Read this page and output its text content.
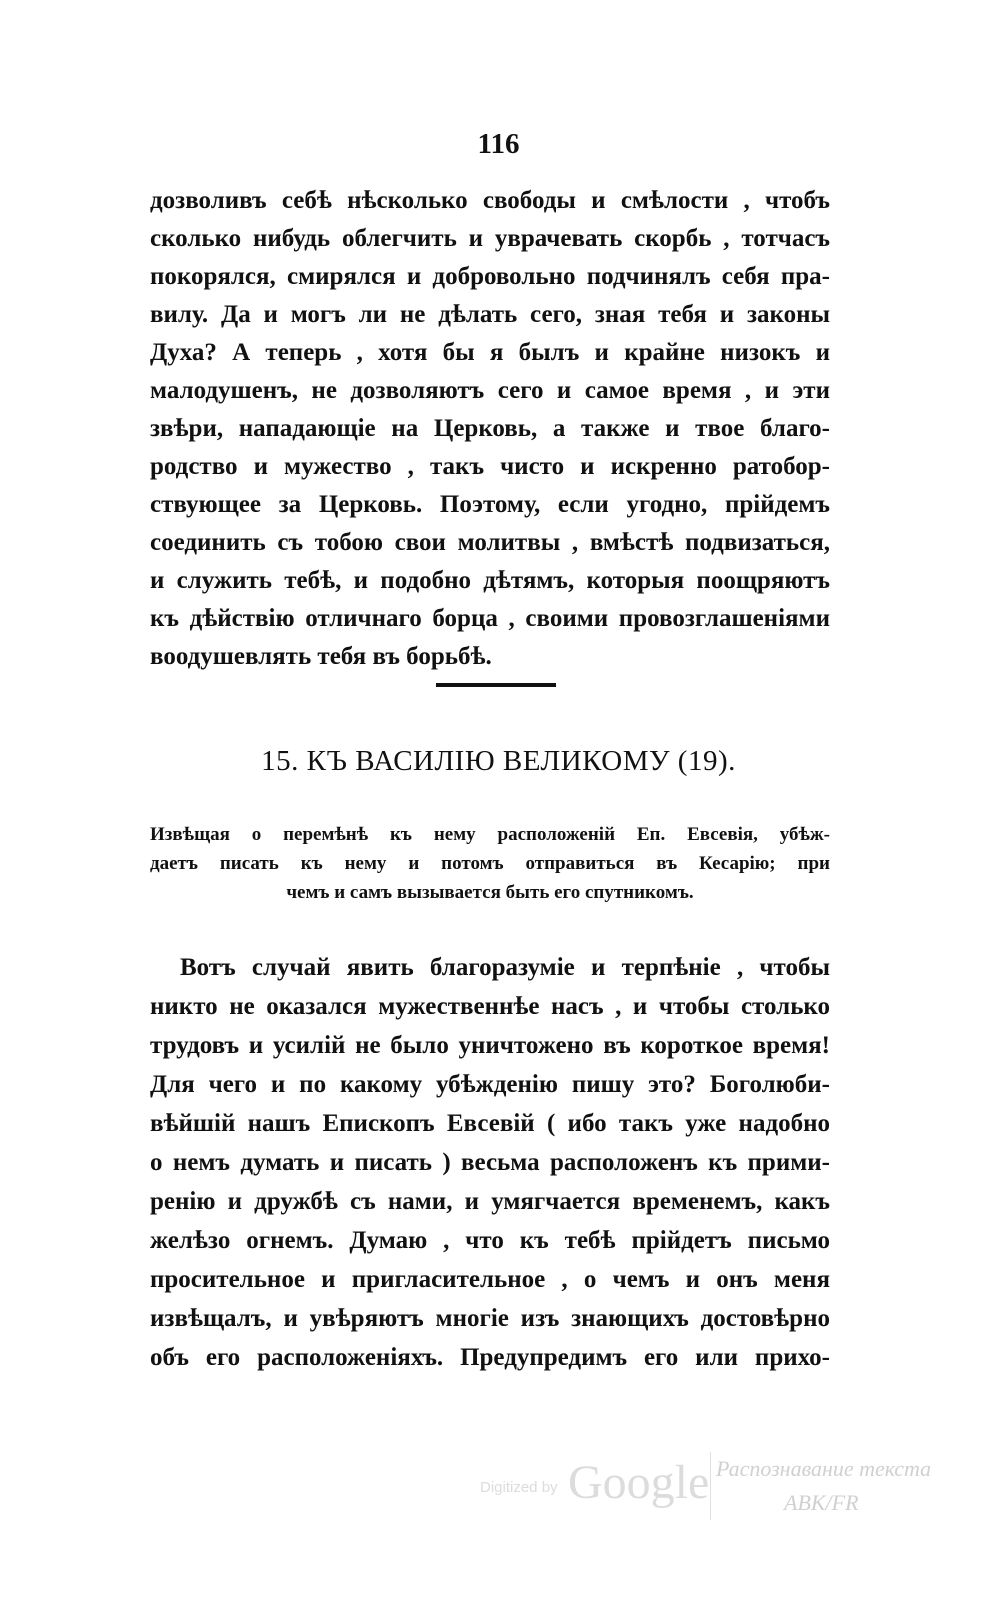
116
дозволивъ себѣ нѣсколько свободы и смѣлости , чтобъ
сколько нибудь облегчить и уврачевать скорбь , тотчасъ
покорялся, смирялся и добровольно подчинялъ себя пра-
вилу. Да и могъ ли не дѣлать сего, зная тебя и законы
Духа? А теперь , хотя бы я былъ и крайне низокъ и
малодушенъ, не дозволяютъ сего и самое время , и эти
звѣри, нападающіе на Церковь, а также и твое благо-
родство и мужество , такъ чисто и искренно ратобор-
ствующее за Церковь. Поэтому, если угодно, прійдемъ
соединить съ тобою свои молитвы , вмѣстѣ подвизаться,
и служить тебѣ, и подобно дѣтямъ, которыя поощряютъ
къ дѣйствію отличнаго борца , своими провозглашеніями
воодушевлять тебя въ борьбѣ.
15. КЪ ВАСИЛІЮ ВЕЛИКОМУ (19).
Извѣщая о перемѣнѣ къ нему расположеній Еп. Евсевія, убѣж-
даетъ писать къ нему и потомъ отправиться въ Кесарію; при
чемъ и самъ вызывается быть его спутникомъ.
Вотъ случай явить благоразуміе и терпѣніе , чтобы
никто не оказался мужественнѣе насъ , и чтобы столько
трудовъ и усилій не было уничтожено въ короткое время!
Для чего и по какому убѣжденію пишу это? Боголюби-
вѣйшій нашъ Епископъ Евсевій ( ибо такъ уже надобно
о немъ думать и писать ) весьма расположенъ къ прими-
ренію и дружбѣ съ нами, и умягчается временемъ, какъ
желѣзо огнемъ. Думаю , что къ тебѣ прійдетъ письмо
просительное и пригласительное , о чемъ и онъ меня
извѣщалъ, и увѣряютъ многіе изъ знающихъ достовѣрно
объ его расположеніяхъ. Предупредимъ его или прихо-
Digitized by Google Распознавание текста
ABK/FR
